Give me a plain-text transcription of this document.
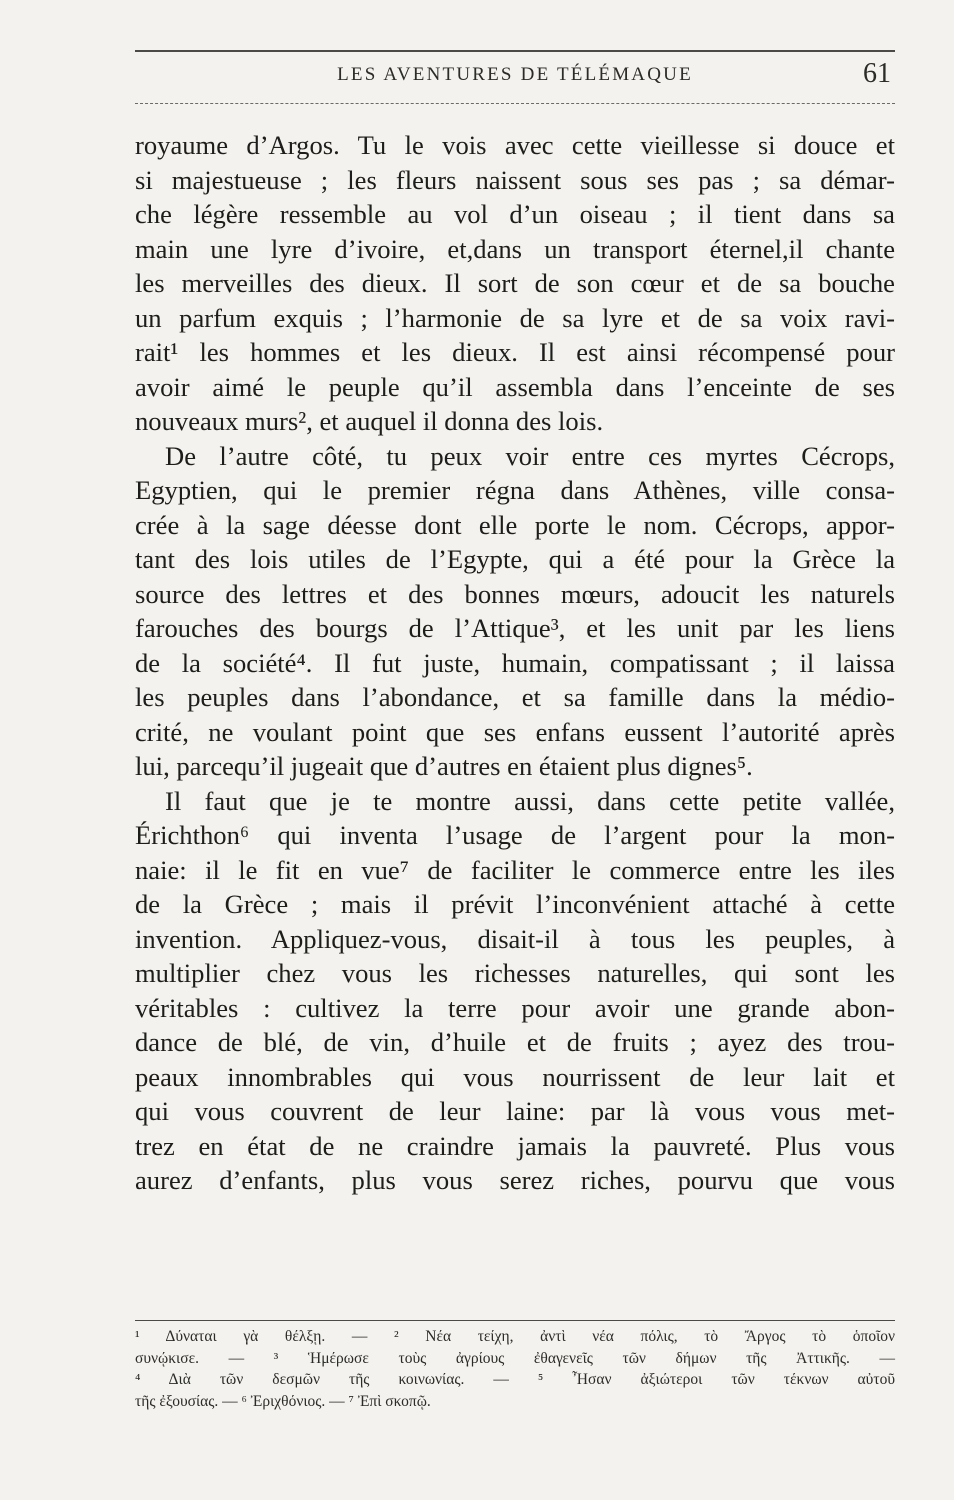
LES AVENTURES DE TÉLÉMAQUE	61
royaume d’Argos. Tu le vois avec cette vieillesse si douce et
si majestueuse ; les fleurs naissent sous ses pas ; sa démar-
che légère ressemble au vol d’un oiseau ; il tient dans sa
main une lyre d’ivoire, et,dans un transport éternel,il chante
les merveilles des dieux. Il sort de son cœur et de sa bouche
un parfum exquis ; l’harmonie de sa lyre et de sa voix ravi-
rait¹ les hommes et les dieux. Il est ainsi récompensé pour
avoir aimé le peuple qu’il assembla dans l’enceinte de ses
nouveaux murs², et auquel il donna des lois.
De l’autre côté, tu peux voir entre ces myrtes Cécrops,
Egyptien, qui le premier régna dans Athènes, ville consa-
crée à la sage déesse dont elle porte le nom. Cécrops, appor-
tant des lois utiles de l’Egypte, qui a été pour la Grèce la
source des lettres et des bonnes mœurs, adoucit les naturels
farouches des bourgs de l’Attique³, et les unit par les liens
de la société⁴. Il fut juste, humain, compatissant ; il laissa
les peuples dans l’abondance, et sa famille dans la médio-
crité, ne voulant point que ses enfans eussent l’autorité après
lui, parcequ’il jugeait que d’autres en étaient plus dignes⁵.
Il faut que je te montre aussi, dans cette petite vallée,
Érichthon⁶ qui inventa l’usage de l’argent pour la mon-
naie: il le fit en vue⁷ de faciliter le commerce entre les iles
de la Grèce ; mais il prévit l’inconvénient attaché à cette
invention. Appliquez-vous, disait-il à tous les peuples, à
multiplier chez vous les richesses naturelles, qui sont les
véritables : cultivez la terre pour avoir une grande abon-
dance de blé, de vin, d’huile et de fruits ; ayez des trou-
peaux innombrables qui vous nourrissent de leur lait et
qui vous couvrent de leur laine: par là vous vous met-
trez en état de ne craindre jamais la pauvreté. Plus vous
aurez d’enfants, plus vous serez riches, pourvu que vous
¹ Δύναται γὰ θέλξῃ. — ² Νέα τείχη, ἀντὶ νέα πόλις, τὸ Ἄργος τὸ ὁποῖον
συνῴκισε. — ³ Ἡμέρωσε τοὺς ἀγρίους ἐθαγενεῖς τῶν δήμων τῆς Ἀττικῆς. —
⁴ Διὰ τῶν δεσμῶν τῆς κοινωνίας. — ⁵ Ἦσαν ἀξιώτεροι τῶν τέκνων αὐτοῦ
τῆς ἐξουσίας. — ⁶ Ἐριχθόνιος. — ⁷ Ἐπὶ σκοπῷ.
